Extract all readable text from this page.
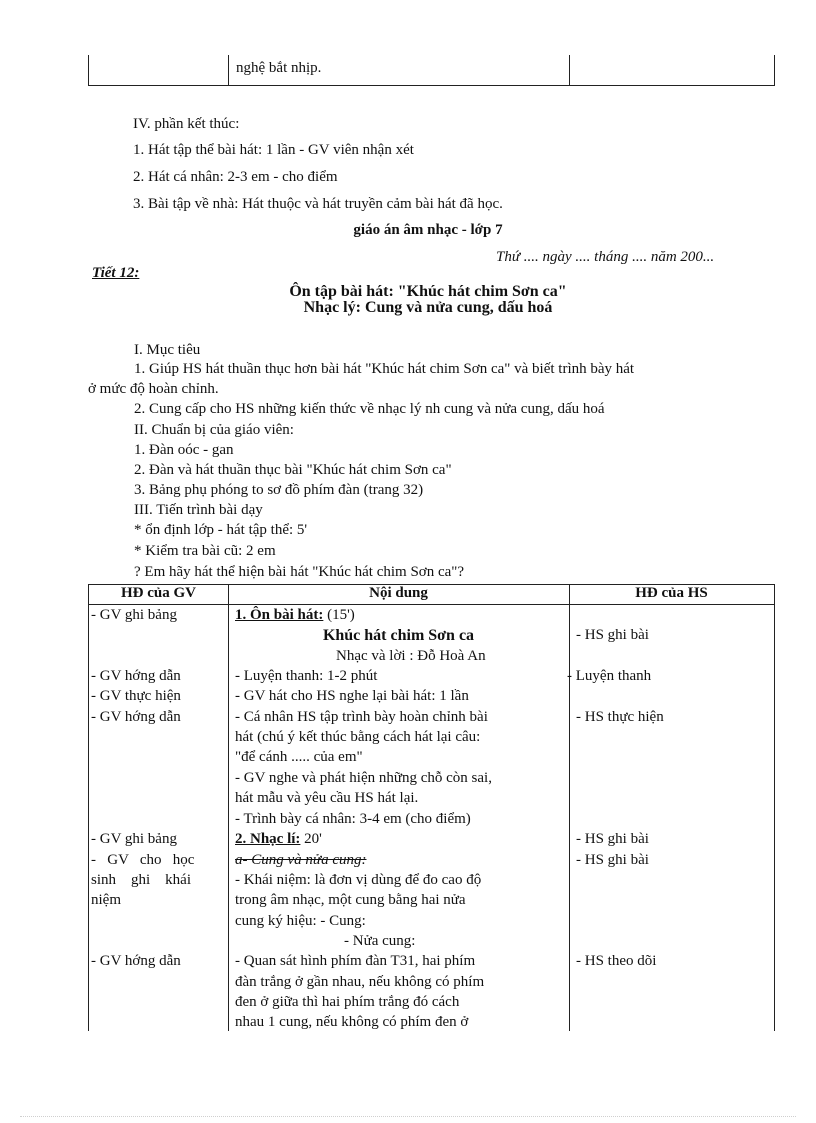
nghệ bắt nhịp.
IV. phần kết thúc:
1. Hát tập thể bài hát: 1 lần - GV viên nhận xét
2. Hát cá nhân: 2-3 em - cho điểm
3. Bài tập về nhà: Hát thuộc và hát truyền cảm bài hát đã học.
giáo án âm nhạc - lớp 7
Thứ .... ngày .... tháng .... năm 200...
Tiết 12:
Ôn tập bài hát: "Khúc hát chim Sơn ca"
Nhạc lý: Cung và nửa cung, dấu hoá
I. Mục tiêu
1. Giúp HS hát thuần thục hơn bài hát "Khúc hát chim Sơn ca" và biết trình bày hát
ở mức độ hoàn chỉnh.
2. Cung cấp cho HS những kiến thức về nhạc lý nh cung và nửa cung, dấu hoá
II. Chuẩn bị của giáo viên:
1. Đàn oóc - gan
2. Đàn và hát thuần thục bài "Khúc hát chim Sơn ca"
3. Bảng phụ phóng to sơ đồ phím đàn (trang 32)
III. Tiến trình bài dạy
* ổn định lớp - hát tập thể: 5'
* Kiểm tra bài cũ: 2 em
? Em hãy hát thể hiện bài hát "Khúc hát chim Sơn ca"?
HĐ của GV	Nội dung	HĐ của HS
- GV ghi bảng
- GV hớng dẫn
- GV thực hiện
- GV hớng dẫn
- GV ghi bảng
-   GV   cho   học
sinh    ghi    khái
niệm
- GV hớng dẫn
1. Ôn bài hát: (15')
Khúc hát chim Sơn ca
Nhạc và lời : Đỗ Hoà An
- Luyện thanh: 1-2 phút
- GV hát cho HS nghe lại bài hát: 1 lần
- Cá nhân HS tập trình bày hoàn chỉnh bài
hát (chú ý kết thúc bằng cách hát lại câu:
"để cánh ..... của em"
- GV nghe và phát hiện những chỗ còn sai,
hát mẫu và yêu cầu HS hát lại.
- Trình bày cá nhân: 3-4 em (cho điểm)
2. Nhạc lí: 20'
a- Cung và nửa cung:
- Khái niệm: là đơn vị dùng để đo cao độ
trong âm nhạc, một cung bằng hai nửa
cung ký hiệu: - Cung:
- Nửa cung:
- Quan sát hình phím đàn T31, hai phím
đàn trắng ở gần nhau, nếu không có phím
đen ở giữa thì hai phím trắng đó cách
nhau 1 cung, nếu không có phím đen ở
- HS ghi bài
- Luyện thanh
- HS thực hiện
- HS ghi bài
- HS ghi bài
- HS theo dõi
